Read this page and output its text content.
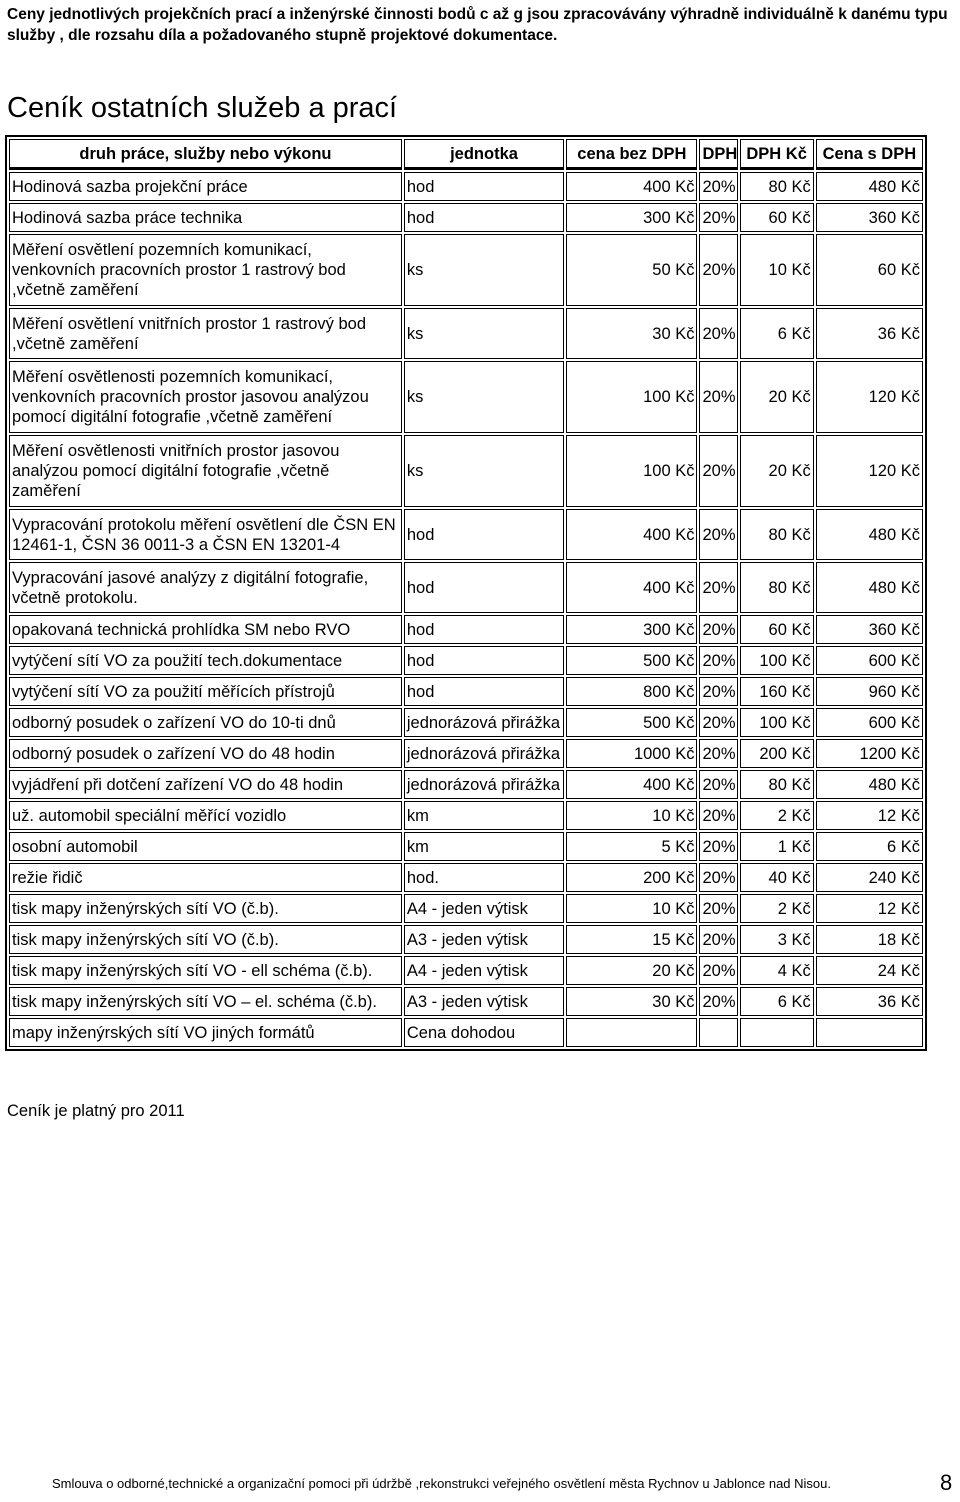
Ceny jednotlivých projekčních prací a inženýrské činnosti bodů c až g jsou zpracovávány výhradně individuálně k danému typu služby , dle rozsahu díla a požadovaného stupně projektové dokumentace.
Ceník ostatních služeb a prací
druh práce, služby nebo výkonu	jednotka	cena bez DPH	DPH	DPH Kč	Cena s DPH
Hodinová sazba projekční práce	hod	400 Kč	20%	80 Kč	480 Kč
Hodinová sazba práce technika	hod	300 Kč	20%	60 Kč	360 Kč
Měření osvětlení pozemních komunikací, venkovních pracovních prostor 1 rastrový bod ,včetně zaměření	ks	50 Kč	20%	10 Kč	60 Kč
Měření osvětlení vnitřních prostor 1 rastrový bod ,včetně zaměření	ks	30 Kč	20%	6 Kč	36 Kč
Měření osvětlenosti pozemních komunikací, venkovních pracovních prostor jasovou analýzou pomocí digitální fotografie ,včetně zaměření	ks	100 Kč	20%	20 Kč	120 Kč
Měření osvětlenosti vnitřních prostor jasovou analýzou pomocí digitální fotografie ,včetně zaměření	ks	100 Kč	20%	20 Kč	120 Kč
Vypracování protokolu měření osvětlení dle ČSN EN 12461-1, ČSN 36 0011-3 a ČSN EN 13201-4	hod	400 Kč	20%	80 Kč	480 Kč
Vypracování jasové analýzy z digitální fotografie, včetně protokolu.	hod	400 Kč	20%	80 Kč	480 Kč
opakovaná technická prohlídka SM nebo RVO	hod	300 Kč	20%	60 Kč	360 Kč
vytýčení sítí VO za použití tech.dokumentace	hod	500 Kč	20%	100 Kč	600 Kč
vytýčení sítí VO za použití měřících přístrojů	hod	800 Kč	20%	160 Kč	960 Kč
odborný posudek o zařízení VO do 10-ti dnů	jednorázová přirážka	500 Kč	20%	100 Kč	600 Kč
odborný posudek o zařízení VO do 48 hodin	jednorázová přirážka	1000 Kč	20%	200 Kč	1200 Kč
vyjádření při dotčení zařízení VO do 48 hodin	jednorázová přirážka	400 Kč	20%	80 Kč	480 Kč
už. automobil speciální měřící vozidlo	km	10 Kč	20%	2 Kč	12 Kč
osobní automobil	km	5 Kč	20%	1 Kč	6 Kč
režie řidič	hod.	200 Kč	20%	40 Kč	240 Kč
tisk mapy inženýrských sítí VO (č.b).	A4 - jeden výtisk	10 Kč	20%	2 Kč	12 Kč
tisk mapy inženýrských sítí VO (č.b).	A3 - jeden výtisk	15 Kč	20%	3 Kč	18 Kč
tisk mapy inženýrských sítí VO - ell schéma (č.b).	A4 - jeden výtisk	20 Kč	20%	4 Kč	24 Kč
tisk mapy inženýrských sítí VO – el. schéma (č.b).	A3 - jeden výtisk	30 Kč	20%	6 Kč	36 Kč
mapy inženýrských sítí VO jiných formátů	Cena dohodou				
Ceník je platný pro 2011
Smlouva o odborné,technické a organizační pomoci při údržbě ,rekonstrukci veřejného osvětlení města Rychnov u Jablonce nad Nisou.	8
